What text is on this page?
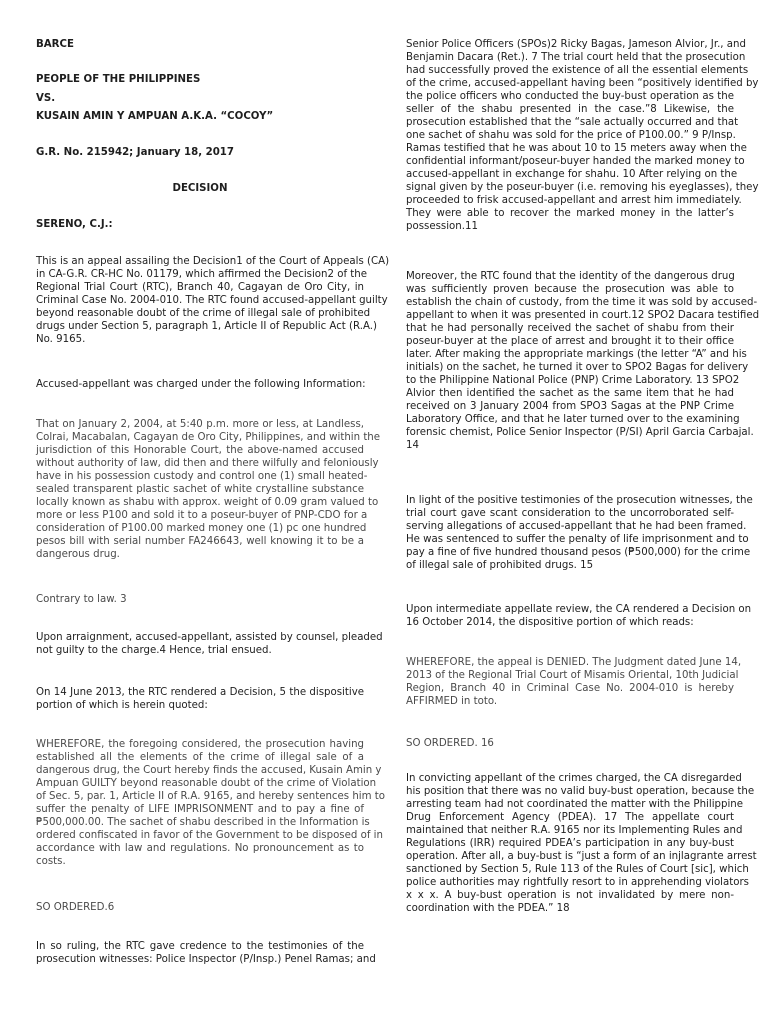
BARCE

PEOPLE OF THE PHILIPPINES

VS.

KUSAIN AMIN Y AMPUAN A.K.A. “COCOY”

G.R. No. 215942; January 18, 2017

DECISION

SERENO, C.J.:

This is an appeal assailing the Decision1 of the Court of Appeals (CA)

in CA-G.R. CR-HC No. 01179, which affirmed the Decision2 of the

Regional Trial Court (RTC), Branch 40, Cagayan de Oro City, in

Criminal Case No. 2004-010. The RTC found accused-appellant guilty

beyond reasonable doubt of the crime of illegal sale of prohibited

drugs under Section 5, paragraph 1, Article II of Republic Act (R.A.)

No. 9165.

Accused-appellant was charged under the following Information:

That on January 2, 2004, at 5:40 p.m. more or less, at Landless,

Colrai, Macabalan, Cagayan de Oro City, Philippines, and within the

jurisdiction of this Honorable Court, the above-named accused

without authority of law, did then and there wilfully and feloniously

have in his possession custody and control one (1) small heated-

sealed transparent plastic sachet of white crystalline substance

locally known as shabu with approx. weight of 0.09 gram valued to

more or less P100 and sold it to a poseur-buyer of PNP-CDO for a

consideration of P100.00 marked money one (1) pc one hundred

pesos bill with serial number FA246643, well knowing it to be a

dangerous drug.

Contrary to law. 3

Upon arraignment, accused-appellant, assisted by counsel, pleaded

not guilty to the charge.4 Hence, trial ensued.

On 14 June 2013, the RTC rendered a Decision, 5 the dispositive

portion of which is herein quoted:

WHEREFORE, the foregoing considered, the prosecution having

established all the elements of the crime of illegal sale of a

dangerous drug, the Court hereby finds the accused, Kusain Amin y

Ampuan GUILTY beyond reasonable doubt of the crime of Violation

of Sec. 5, par. 1, Article II of R.A. 9165, and hereby sentences him to

suffer the penalty of LIFE IMPRISONMENT and to pay a fine of

₱500,000.00. The sachet of shabu described in the Information is

ordered confiscated in favor of the Government to be disposed of in

accordance with law and regulations. No pronouncement as to

costs.

SO ORDERED.6

In so ruling, the RTC gave credence to the testimonies of the

prosecution witnesses: Police Inspector (P/Insp.) Penel Ramas; and

Senior Police Officers (SPOs)2 Ricky Bagas, Jameson Alvior, Jr., and

Benjamin Dacara (Ret.). 7 The trial court held that the prosecution

had successfully proved the existence of all the essential elements

of the crime, accused-appellant having been “positively identified by

the police officers who conducted the buy-bust operation as the

seller of the shabu presented in the case.”8 Likewise, the

prosecution established that the “sale actually occurred and that

one sachet of shahu was sold for the price of P100.00.” 9 P/Insp.

Ramas testified that he was about 10 to 15 meters away when the

confidential informant/poseur-buyer handed the marked money to

accused-appellant in exchange for shahu. 10 After relying on the

signal given by the poseur-buyer (i.e. removing his eyeglasses), they

proceeded to frisk accused-appellant and arrest him immediately.

They were able to recover the marked money in the latter’s

possession.11

Moreover, the RTC found that the identity of the dangerous drug

was sufficiently proven because the prosecution was able to

establish the chain of custody, from the time it was sold by accused-

appellant to when it was presented in court.12 SPO2 Dacara testified

that he had personally received the sachet of shabu from their

poseur-buyer at the place of arrest and brought it to their office

later. After making the appropriate markings (the letter “A” and his

initials) on the sachet, he turned it over to SPO2 Bagas for delivery

to the Philippine National Police (PNP) Crime Laboratory. 13 SPO2

Alvior then identified the sachet as the same item that he had

received on 3 January 2004 from SPO3 Sagas at the PNP Crime

Laboratory Office, and that he later turned over to the examining

forensic chemist, Police Senior Inspector (P/SI) April Garcia Carbajal.

14

In light of the positive testimonies of the prosecution witnesses, the

trial court gave scant consideration to the uncorroborated self-

serving allegations of accused-appellant that he had been framed.

He was sentenced to suffer the penalty of life imprisonment and to

pay a fine of five hundred thousand pesos (₱500,000) for the crime

of illegal sale of prohibited drugs. 15

Upon intermediate appellate review, the CA rendered a Decision on

16 October 2014, the dispositive portion of which reads:

WHEREFORE, the appeal is DENIED. The Judgment dated June 14,

2013 of the Regional Trial Court of Misamis Oriental, 10th Judicial

Region, Branch 40 in Criminal Case No. 2004-010 is hereby

AFFIRMED in toto.

SO ORDERED. 16

In convicting appellant of the crimes charged, the CA disregarded

his position that there was no valid buy-bust operation, because the

arresting team had not coordinated the matter with the Philippine

Drug Enforcement Agency (PDEA). 17 The appellate court

maintained that neither R.A. 9165 nor its Implementing Rules and

Regulations (IRR) required PDEA’s participation in any buy-bust

operation. After all, a buy-bust is “just a form of an injlagrante arrest

sanctioned by Section 5, Rule 113 of the Rules of Court [sic], which

police authorities may rightfully resort to in apprehending violators

x x x. A buy-bust operation is not invalidated by mere non-

coordination with the PDEA.” 18
